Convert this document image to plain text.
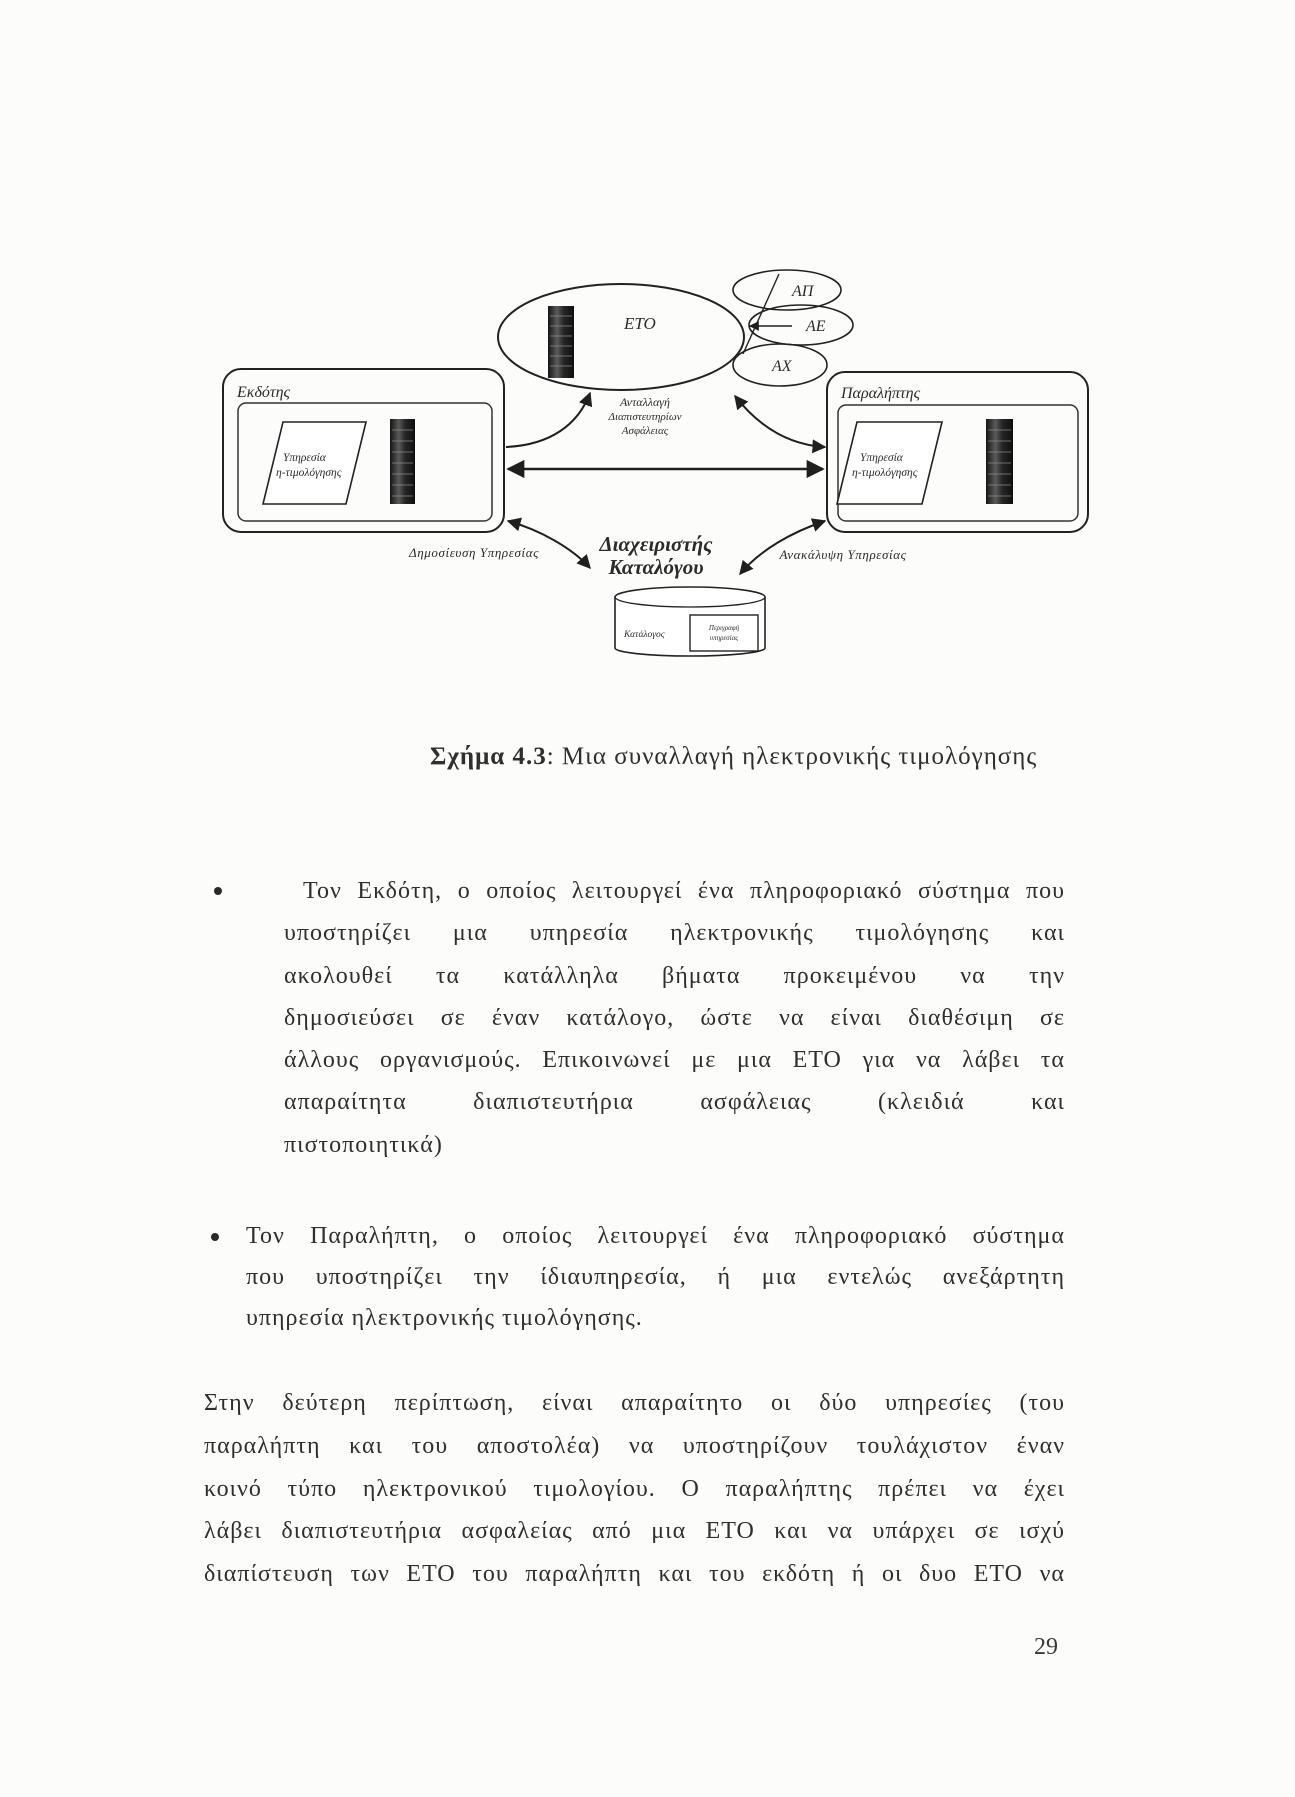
ΕΤΟ
ΑΠ
ΑΕ
ΑΧ
Εκδότης
Υπηρεσία
η-τιμολόγησης
Παραλήπτης
Υπηρεσία
η-τιμολόγησης
Ανταλλαγή
Διαπιστευτηρίων
Ασφάλειας
Δημοσίευση Υπηρεσίας	Διαχειριστής
Καταλόγου
Ανακάλυψη Υπηρεσίας
Κατάλογος
Περιγραφή
υπηρεσίας
Σχήμα 4.3: Μια συναλλαγή ηλεκτρονικής τιμολόγησης
Τον Εκδότη, ο οποίος λειτουργεί ένα πληροφοριακό σύστημα που
υποστηρίζει μια υπηρεσία ηλεκτρονικής τιμολόγησης και
ακολουθεί τα κατάλληλα βήματα προκειμένου να την
δημοσιεύσει σε έναν κατάλογο, ώστε να είναι διαθέσιμη σε
άλλους οργανισμούς. Επικοινωνεί με μια ΕΤΟ για να λάβει τα
απαραίτητα διαπιστευτήρια ασφάλειας (κλειδιά και
πιστοποιητικά)
Τον Παραλήπτη, ο οποίος λειτουργεί ένα πληροφοριακό σύστημα
που υποστηρίζει την ίδιαυπηρεσία, ή μια εντελώς ανεξάρτητη
υπηρεσία ηλεκτρονικής τιμολόγησης.
Στην δεύτερη περίπτωση, είναι απαραίτητο οι δύο υπηρεσίες (του
παραλήπτη και του αποστολέα) να υποστηρίζουν τουλάχιστον έναν
κοινό τύπο ηλεκτρονικού τιμολογίου. Ο παραλήπτης πρέπει να έχει
λάβει διαπιστευτήρια ασφαλείας από μια ΕΤΟ και να υπάρχει σε ισχύ
διαπίστευση των ΕΤΟ του παραλήπτη και του εκδότη ή οι δυο ΕΤΟ να
29
